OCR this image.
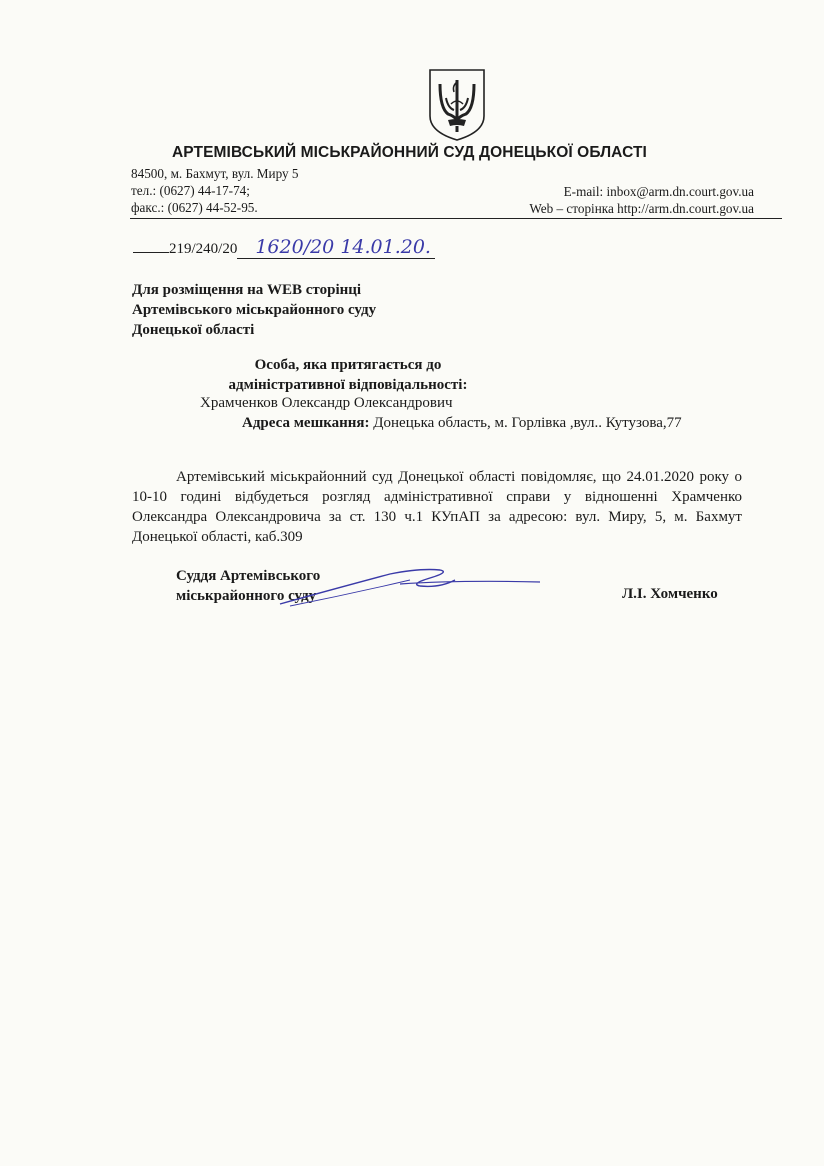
АРТЕМІВСЬКИЙ МІСЬКРАЙОННИЙ СУД ДОНЕЦЬКОЇ ОБЛАСТІ
84500, м. Бахмут, вул. Миру 5
тел.: (0627) 44-17-74;
факс.: (0627) 44-52-95.
E-mail: inbox@arm.dn.court.gov.ua
Web – сторінка http://arm.dn.court.gov.ua
219/240/20 1620/20 14.01.20.
Для розміщення на WEB сторінці
Артемівського міськрайонного суду
Донецької області
Особа, яка притягається до
адміністративної відповідальності:
Храмченков Олександр Олександрович
Адреса мешкання: Донецька область, м. Горлівка ,вул.. Кутузова,77
Артемівський міськрайонний суд Донецької області повідомляє, що 24.01.2020 року о 10-10 годині відбудеться розгляд адміністративної справи у відношенні Храмченко Олександра Олександровича за ст. 130 ч.1 КУпАП за адресою: вул. Миру, 5, м. Бахмут Донецької області, каб.309
Суддя Артемівського
міськрайонного суду	Л.І. Хомченко
